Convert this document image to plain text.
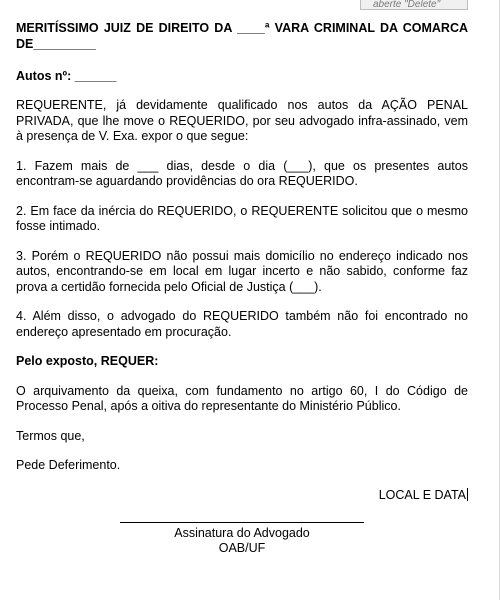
aberte "Delete"

MERITÍSSIMO JUIZ DE DIREITO DA ____ª VARA CRIMINAL DA COMARCA DE_________

Autos nº: ______

REQUERENTE, já devidamente qualificado nos autos da AÇÃO PENAL PRIVADA, que lhe move o REQUERIDO, por seu advogado infra-assinado, vem à presença de V. Exa. expor o que segue:

1. Fazem mais de ___ dias, desde o dia (___), que os presentes autos encontram-se aguardando providências do ora REQUERIDO.

2. Em face da inércia do REQUERIDO, o REQUERENTE solicitou que o mesmo fosse intimado.

3. Porém o REQUERIDO não possui mais domicílio no endereço indicado nos autos, encontrando-se em local em lugar incerto e não sabido, conforme faz prova a certidão fornecida pelo Oficial de Justiça (___).

4. Além disso, o advogado do REQUERIDO também não foi encontrado no endereço apresentado em procuração.

Pelo exposto, REQUER:

O arquivamento da queixa, com fundamento no artigo 60, I do Código de Processo Penal, após a oitiva do representante do Ministério Público.

Termos que,

Pede Deferimento.

LOCAL E DATA
Assinatura do Advogado
OAB/UF
